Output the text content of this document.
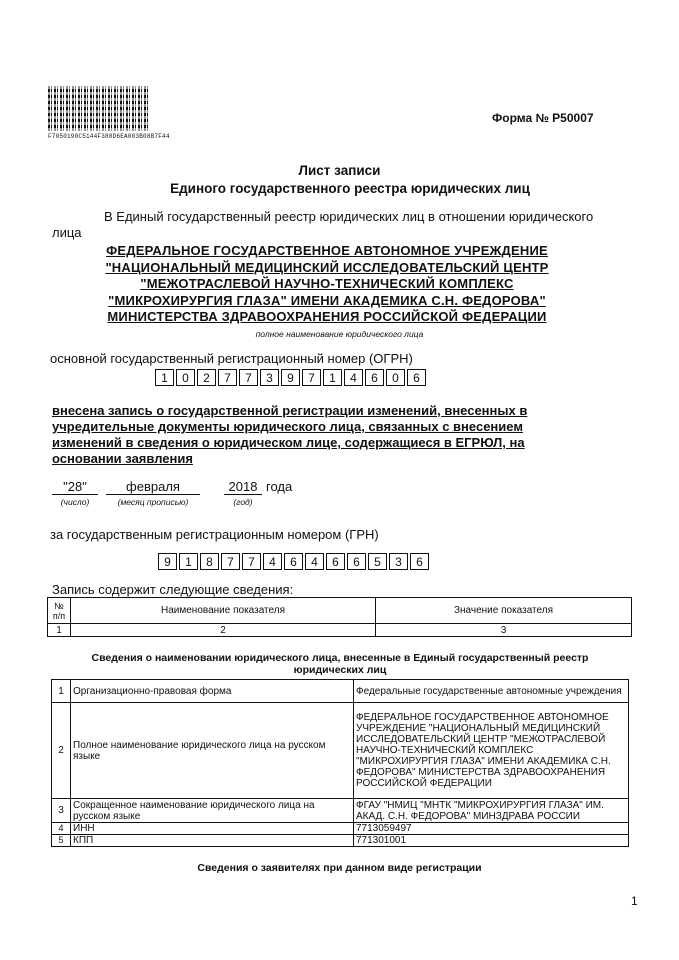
F7050190C5144F388D6EA003B08B7F44
Форма № Р50007
Лист записи
Единого государственного реестра юридических лиц
В Единый государственный реестр юридических лиц в отношении юридического
лица
ФЕДЕРАЛЬНОЕ ГОСУДАРСТВЕННОЕ АВТОНОМНОЕ УЧРЕЖДЕНИЕ
"НАЦИОНАЛЬНЫЙ МЕДИЦИНСКИЙ ИССЛЕДОВАТЕЛЬСКИЙ ЦЕНТР
"МЕЖОТРАСЛЕВОЙ НАУЧНО-ТЕХНИЧЕСКИЙ КОМПЛЕКС
"МИКРОХИРУРГИЯ ГЛАЗА" ИМЕНИ АКАДЕМИКА С.Н. ФЕДОРОВА"
МИНИСТЕРСТВА ЗДРАВООХРАНЕНИЯ РОССИЙСКОЙ ФЕДЕРАЦИИ
полное наименование юридического лица
основной государственный регистрационный номер (ОГРН)
1	0	2	7	7	3	9	7	1	4	6	0	6
внесена запись о государственной регистрации изменений, внесенных в
учредительные документы юридического лица, связанных с внесением
изменений в сведения о юридическом лице, содержащиеся в ЕГРЮЛ, на
основании заявления
"28"	февраля	2018 года
(число)	(месяц прописью)	(год)
за государственным регистрационным номером (ГРН)
9	1	8	7	7	4	6	4	6	6	5	3	6
Запись содержит следующие сведения:
№
п/п	Наименование показателя	Значение показателя
1	2	3
Сведения о наименовании юридического лица, внесенные в Единый государственный реестр
юридических лиц
1	Организационно-правовая форма	Федеральные государственные автономные учреждения
2	Полное наименование юридического лица на русском языке	ФЕДЕРАЛЬНОЕ ГОСУДАРСТВЕННОЕ АВТОНОМНОЕ УЧРЕЖДЕНИЕ "НАЦИОНАЛЬНЫЙ МЕДИЦИНСКИЙ ИССЛЕДОВАТЕЛЬСКИЙ ЦЕНТР "МЕЖОТРАСЛЕВОЙ НАУЧНО-ТЕХНИЧЕСКИЙ КОМПЛЕКС "МИКРОХИРУРГИЯ ГЛАЗА" ИМЕНИ АКАДЕМИКА С.Н. ФЕДОРОВА" МИНИСТЕРСТВА ЗДРАВООХРАНЕНИЯ РОССИЙСКОЙ ФЕДЕРАЦИИ
3	Сокращенное наименование юридического лица на русском языке	ФГАУ "НМИЦ "МНТК "МИКРОХИРУРГИЯ ГЛАЗА" ИМ. АКАД. С.Н. ФЕДОРОВА" МИНЗДРАВА РОССИИ
4	ИНН	7713059497
5	КПП	771301001
Сведения о заявителях при данном виде регистрации
1
